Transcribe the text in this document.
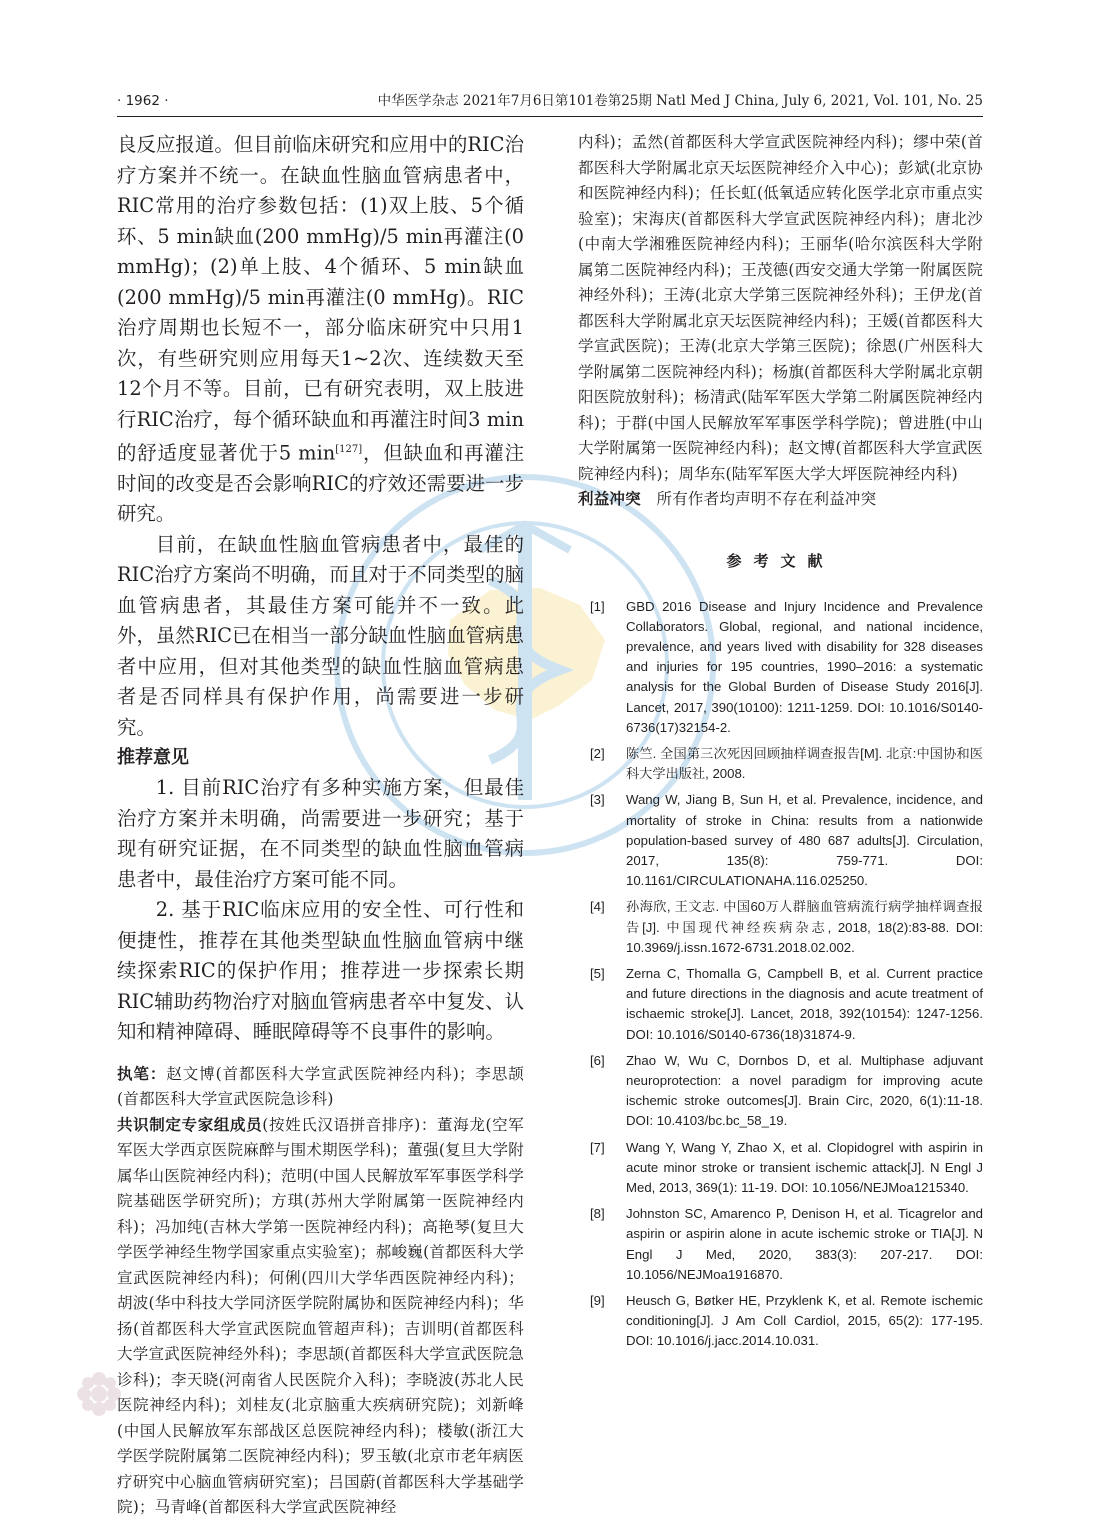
· 1962 ·	中华医学杂志 2021年7月6日第101卷第25期 Natl Med J China, July 6, 2021, Vol. 101, No. 25

良反应报道。但目前临床研究和应用中的RIC治疗方案并不统一。在缺血性脑血管病患者中，RIC常用的治疗参数包括：(1)双上肢、5个循环、5 min缺血(200 mmHg)/5 min再灌注(0 mmHg)；(2)单上肢、4个循环、5 min缺血(200 mmHg)/5 min再灌注(0 mmHg)。RIC治疗周期也长短不一，部分临床研究中只用1次，有些研究则应用每天1~2次、连续数天至12个月不等。目前，已有研究表明，双上肢进行RIC治疗，每个循环缺血和再灌注时间3 min的舒适度显著优于5 min[127]，但缺血和再灌注时间的改变是否会影响RIC的疗效还需要进一步研究。

目前，在缺血性脑血管病患者中，最佳的RIC治疗方案尚不明确，而且对于不同类型的脑血管病患者，其最佳方案可能并不一致。此外，虽然RIC已在相当一部分缺血性脑血管病患者中应用，但对其他类型的缺血性脑血管病患者是否同样具有保护作用，尚需要进一步研究。

推荐意见

1. 目前RIC治疗有多种实施方案，但最佳治疗方案并未明确，尚需要进一步研究；基于现有研究证据，在不同类型的缺血性脑血管病患者中，最佳治疗方案可能不同。

2. 基于RIC临床应用的安全性、可行性和便捷性，推荐在其他类型缺血性脑血管病中继续探索RIC的保护作用；推荐进一步探索长期RIC辅助药物治疗对脑血管病患者卒中复发、认知和精神障碍、睡眠障碍等不良事件的影响。

执笔：赵文博(首都医科大学宣武医院神经内科)；李思颉(首都医科大学宣武医院急诊科)

共识制定专家组成员(按姓氏汉语拼音排序)：董海龙(空军军医大学西京医院麻醉与围术期医学科)；董强(复旦大学附属华山医院神经内科)；范明(中国人民解放军军事医学科学院基础医学研究所)；方琪(苏州大学附属第一医院神经内科)；冯加纯(吉林大学第一医院神经内科)；高艳琴(复旦大学医学神经生物学国家重点实验室)；郝峻巍(首都医科大学宣武医院神经内科)；何俐(四川大学华西医院神经内科)；胡波(华中科技大学同济医学院附属协和医院神经内科)；华扬(首都医科大学宣武医院血管超声科)；吉训明(首都医科大学宣武医院神经外科)；李思颉(首都医科大学宣武医院急诊科)；李天晓(河南省人民医院介入科)；李晓波(苏北人民医院神经内科)；刘桂友(北京脑重大疾病研究院)；刘新峰(中国人民解放军东部战区总医院神经内科)；楼敏(浙江大学医学院附属第二医院神经内科)；罗玉敏(北京市老年病医疗研究中心脑血管病研究室)；吕国蔚(首都医科大学基础学院)；马青峰(首都医科大学宣武医院神经

内科)；孟然(首都医科大学宣武医院神经内科)；缪中荣(首都医科大学附属北京天坛医院神经介入中心)；彭斌(北京协和医院神经内科)；任长虹(低氧适应转化医学北京市重点实验室)；宋海庆(首都医科大学宣武医院神经内科)；唐北沙(中南大学湘雅医院神经内科)；王丽华(哈尔滨医科大学附属第二医院神经内科)；王茂德(西安交通大学第一附属医院神经外科)；王涛(北京大学第三医院神经外科)；王伊龙(首都医科大学附属北京天坛医院神经内科)；王媛(首都医科大学宣武医院)；王涛(北京大学第三医院)；徐恩(广州医科大学附属第二医院神经内科)；杨旗(首都医科大学附属北京朝阳医院放射科)；杨清武(陆军军医大学第二附属医院神经内科)；于群(中国人民解放军军事医学科学院)；曾进胜(中山大学附属第一医院神经内科)；赵文博(首都医科大学宣武医院神经内科)；周华东(陆军军医大学大坪医院神经内科)

利益冲突　 所有作者均声明不存在利益冲突

参考文献

[1] GBD 2016 Disease and Injury Incidence and Prevalence Collaborators. Global, regional, and national incidence, prevalence, and years lived with disability for 328 diseases and injuries for 195 countries, 1990–2016: a systematic analysis for the Global Burden of Disease Study 2016[J]. Lancet, 2017, 390(10100): 1211-1259. DOI: 10.1016/S0140-6736(17)32154-2.
[2] 陈竺. 全国第三次死因回顾抽样调查报告[M]. 北京:中国协和医科大学出版社, 2008.
[3] Wang W, Jiang B, Sun H, et al. Prevalence, incidence, and mortality of stroke in China: results from a nationwide population-based survey of 480 687 adults[J]. Circulation, 2017, 135(8): 759-771. DOI: 10.1161/CIRCULATIONAHA.116.025250.
[4] 孙海欣, 王文志. 中国60万人群脑血管病流行病学抽样调查报告[J]. 中国现代神经疾病杂志, 2018, 18(2):83-88. DOI: 10.3969/j.issn.1672-6731.2018.02.002.
[5] Zerna C, Thomalla G, Campbell B, et al. Current practice and future directions in the diagnosis and acute treatment of ischaemic stroke[J]. Lancet, 2018, 392(10154): 1247-1256. DOI: 10.1016/S0140-6736(18)31874-9.
[6] Zhao W, Wu C, Dornbos D, et al. Multiphase adjuvant neuroprotection: a novel paradigm for improving acute ischemic stroke outcomes[J]. Brain Circ, 2020, 6(1):11-18. DOI: 10.4103/bc.bc_58_19.
[7] Wang Y, Wang Y, Zhao X, et al. Clopidogrel with aspirin in acute minor stroke or transient ischemic attack[J]. N Engl J Med, 2013, 369(1): 11-19. DOI: 10.1056/NEJMoa1215340.
[8] Johnston SC, Amarenco P, Denison H, et al. Ticagrelor and aspirin or aspirin alone in acute ischemic stroke or TIA[J]. N Engl J Med, 2020, 383(3): 207-217. DOI: 10.1056/NEJMoa1916870.
[9] Heusch G, Bøtker HE, Przyklenk K, et al. Remote ischemic conditioning[J]. J Am Coll Cardiol, 2015, 65(2): 177-195. DOI: 10.1016/j.jacc.2014.10.031.
